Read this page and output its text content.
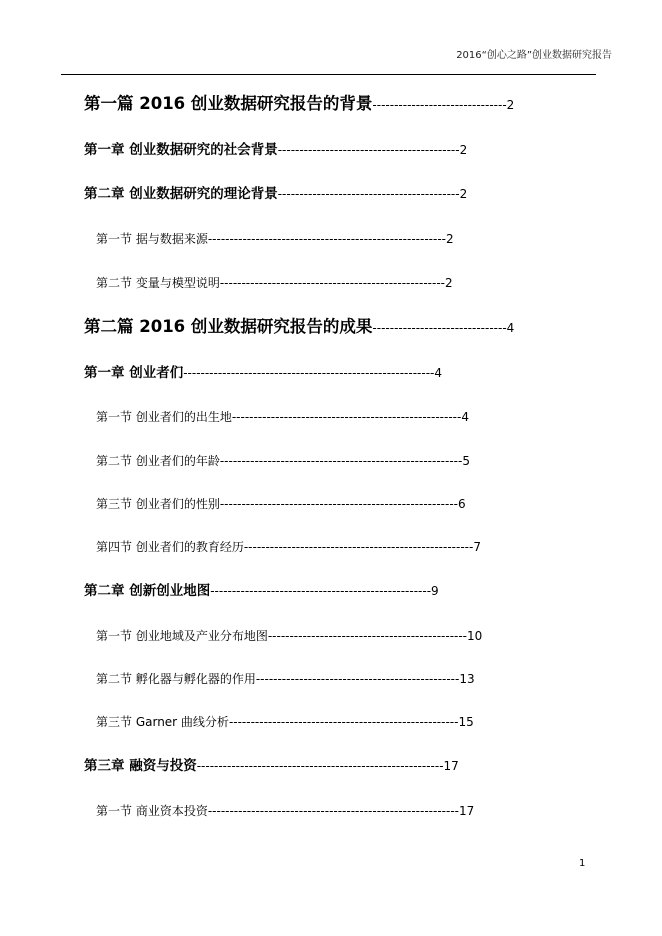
2016“创心之路”创业数据研究报告
第一篇 2016 创业数据研究报告的背景-------------------------------2
第一章 创业数据研究的社会背景------------------------------------------2
第二章 创业数据研究的理论背景------------------------------------------2
第一节 据与数据来源-------------------------------------------------------2
第二节 变量与模型说明----------------------------------------------------2
第二篇 2016 创业数据研究报告的成果-------------------------------4
第一章 创业者们----------------------------------------------------------4
第一节 创业者们的出生地-----------------------------------------------------4
第二节 创业者们的年龄--------------------------------------------------------5
第三节 创业者们的性别-------------------------------------------------------6
第四节 创业者们的教育经历-----------------------------------------------------7
第二章 创新创业地图---------------------------------------------------9
第一节 创业地域及产业分布地图----------------------------------------------10
第二节 孵化器与孵化器的作用-----------------------------------------------13
第三节 Garner 曲线分析-----------------------------------------------------15
第三章 融资与投资---------------------------------------------------------17
第一节 商业资本投资----------------------------------------------------------17
1
